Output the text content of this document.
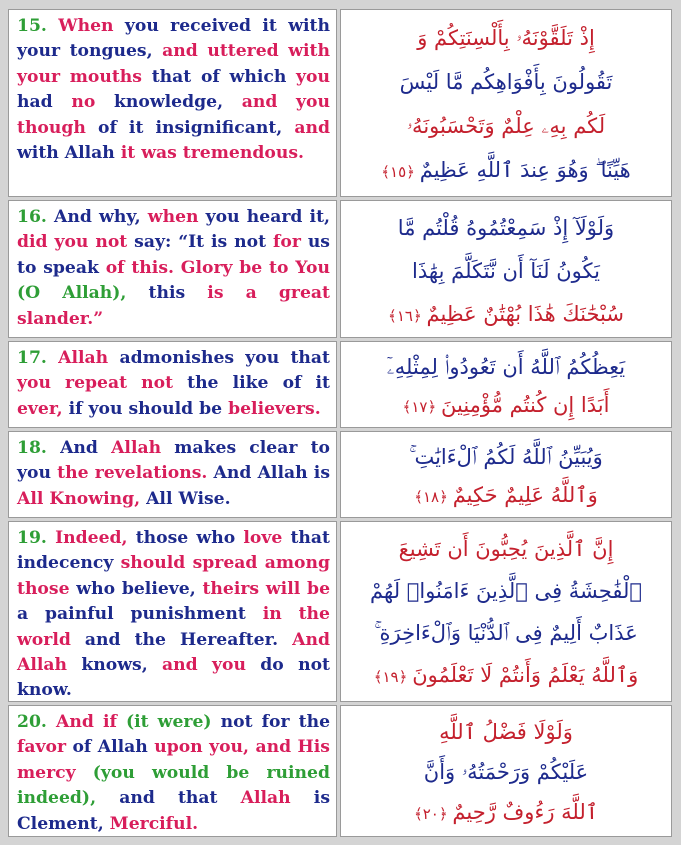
15. When you received it with your tongues, and uttered with your mouths that of which you had no knowledge, and you though of it insignificant, and with Allah it was tremendous.
إِذْ تَلَقَّوْنَهُۥ بِأَلْسِنَتِكُمْ وَ
تَقُولُونَ بِأَفْوَاهِكُم مَّا لَيْسَ
لَكُم بِهِۦ عِلْمٌ وَتَحْسَبُونَهُۥ
هَيِّنًا ۖ وَهُوَ عِندَ ٱللَّهِ عَظِيمٌ ﴿١٥﴾
16. And why, when you heard it, did you not say: “It is not for us to speak of this. Glory be to You (O Allah), this is a great slander.”
وَلَوْلَآ إِذْ سَمِعْتُمُوهُ قُلْتُم مَّا
يَكُونُ لَنَآ أَن نَّتَكَلَّمَ بِهَٰذَا
سُبْحَٰنَكَ هَٰذَا بُهْتَٰنٌ عَظِيمٌ ﴿١٦﴾
17. Allah admonishes you that you repeat not the like of it ever, if you should be believers.
يَعِظُكُمُ ٱللَّهُ أَن تَعُودُوا۟ لِمِثْلِهِۦٓ
أَبَدًا إِن كُنتُم مُّؤْمِنِينَ ﴿١٧﴾
18. And Allah makes clear to you the revelations. And Allah is All Knowing, All Wise.
وَيُبَيِّنُ ٱللَّهُ لَكُمُ ٱلْءَايَٰتِ ۚ
وَٱللَّهُ عَلِيمٌ حَكِيمٌ ﴿١٨﴾
19. Indeed, those who love that indecency should spread among those who believe, theirs will be a painful punishment in the world and the Hereafter. And Allah knows, and you do not know.
إِنَّ ٱلَّذِينَ يُحِبُّونَ أَن تَشِيعَ
ٱلْفَٰحِشَةُ فِى ٱلَّذِينَ ءَامَنُوا۟ لَهُمْ
عَذَابٌ أَلِيمٌ فِى ٱلدُّنْيَا وَٱلْءَاخِرَةِ ۚ
وَٱللَّهُ يَعْلَمُ وَأَنتُمْ لَا تَعْلَمُونَ ﴿١٩﴾
20. And if (it were) not for the favor of Allah upon you, and His mercy (you would be ruined indeed), and that Allah is Clement, Merciful.
وَلَوْلَا فَضْلُ ٱللَّهِ
عَلَيْكُمْ وَرَحْمَتُهُۥ وَأَنَّ
ٱللَّهَ رَءُوفٌ رَّحِيمٌ ﴿٢٠﴾
